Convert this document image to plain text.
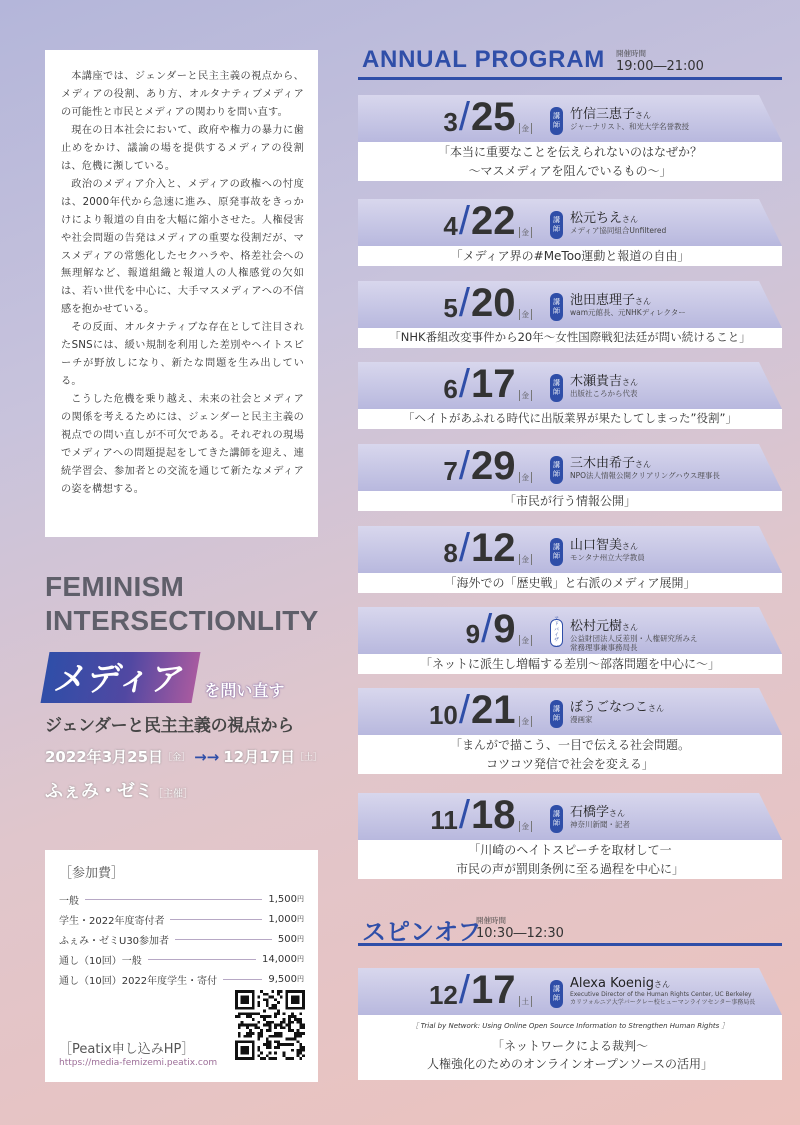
本講座では、ジェンダーと民主主義の視点から、メディアの役割、あり方、オルタナティブメディアの可能性と市民とメディアの関わりを問い直す。

現在の日本社会において、政府や権力の暴力に歯止めをかけ、議論の場を提供するメディアの役割は、危機に瀕している。

政治のメディア介入と、メディアの政権への忖度は、2000年代から急速に進み、原発事故をきっかけにより報道の自由を大幅に縮小させた。人権侵害や社会問題の告発はメディアの重要な役割だが、マスメディアの常態化したセクハラや、格差社会への無理解など、報道組織と報道人の人権感覚の欠如は、若い世代を中心に、大手マスメディアへの不信感を抱かせている。

その反面、オルタナティブな存在として注目されたSNSには、緩い規制を利用した差別やヘイトスピーチが野放しになり、新たな問題を生み出している。

こうした危機を乗り越え、未来の社会とメディアの関係を考えるためには、ジェンダーと民主主義の視点での問い直しが不可欠である。それぞれの現場でメディアへの問題提起をしてきた講師を迎え、連続学習会、参加者との交流を通じて新たなメディアの姿を構想する。

FEMINISM
INTERSECTIONLITY
メディア	を問い直す
ジェンダーと民主主義の視点から
2022年3月25日 ［金］ →→ 12月17日 ［土］
ふぇみ・ゼミ［主催］
［参加費］
一般	1,500 円
学生・2022年度寄付者	1,000 円
ふぇみ・ゼミU30参加者	500 円
通し（10回）一般	14,000 円
通し（10回）2022年度学生・寄付	9,500 円
［Peatix申し込みHP］
https://media-femizemi.peatix.com
ANNUAL PROGRAM 開催時間
19:00―21:00
3 / 25 金
講
師
竹信三恵子さん
ジャーナリスト、和光大学名誉教授
「本当に重要なことを伝えられないのはなぜか？
〜マスメディアを阻んでいるもの〜」
4 / 22 金
講
師
松元ちえさん
メディア協同組合Unfiltered
「メディア界の#MeToo運動と報道の自由」
5 / 20 金
講
師
池田恵理子さん
wam元館長、元NHKディレクター
「NHK番組改変事件から20年〜女性国際戦犯法廷が問い続けること」
6 / 17 金
講
師
木瀬貴吉さん
出版社ころから代表
「ヘイトがあふれる時代に出版業界が果たしてしまった”役割”」
7 / 29 金
講
師
三木由希子さん
NPO法人情報公開クリアリングハウス理事長
「市民が行う情報公開」
8 / 12 金
講
師
山口智美さん
モンタナ州立大学教員
「海外での「歴史戦」と右派のメディア展開」
9 / 9 金
ア
ド
バ
イ
ザ
ー
松村元樹さん
公益財団法人反差別・人権研究所みえ
常務理事兼事務局長
「ネットに派生し増幅する差別〜部落問題を中心に〜」
10 / 21 金
講
師
ぼうごなつこさん
漫画家
「まんがで描こう、一目で伝える社会問題。
コツコツ発信で社会を変える」
11 / 18 金
講
師
石橋学さん
神奈川新聞・記者
「川崎のヘイトスピーチを取材して一
市民の声が罰則条例に至る過程を中心に」
スピンオフ
開催時間
10:30―12:30
12 / 17 土
講
師
Alexa Koenigさん
Executive Director of the Human Rights Center, UC Berkeley
カリフォルニア大学バークレー校ヒューマンライツセンター事務局長
［ Trial by Network: Using Online Open Source Information to Strengthen Human Rights ］
「ネットワークによる裁判〜
人権強化のためのオンラインオープンソースの活用」
